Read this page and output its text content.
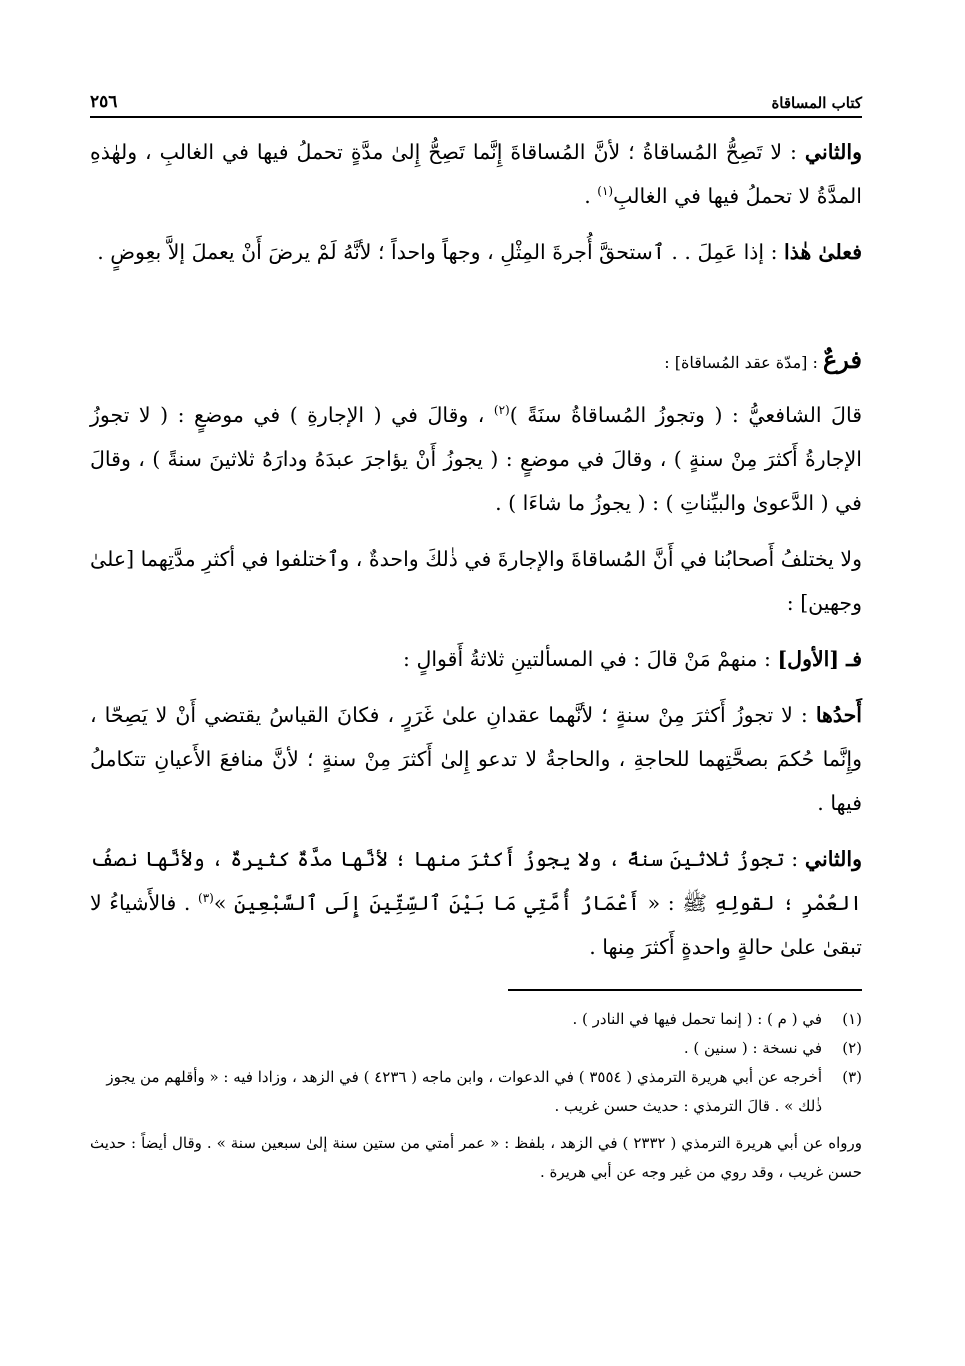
كتاب المساقاة
٢٥٦

والثاني : لا تَصِحُّ المُساقاةُ ؛ لأنَّ المُساقاةَ إِنَّما تَصِحُّ إِلىٰ مدَّةٍ تحملُ فيها في الغالبِ ، ولهٰذهِ المدَّةُ لا تحملُ فيها في الغالبِ$^{(١)}$ .

فعلىٰ هٰذا : إذا عَمِلَ . . ٱستحقَّ أُجرةَ المِثْلِ ، وجهاً واحداً ؛ لأنَّهُ لَمْ يرضَ أَنْ يعملَ إلاَّ بعِوضٍ .

فرعٌ : [مدّة عقد المُساقاة] :

قالَ الشافعيُّ : ( وتجوزُ المُساقاةُ سنَةً )$^{(٢)}$ ، وقالَ في ( الإجارةِ ) في موضعٍ : ( لا تجوزُ الإجارةُ أَكثرَ مِنْ سنةٍ ) ، وقالَ في موضعٍ : ( يجوزُ أَنْ يؤاجرَ عبدَهُ ودارَهُ ثلاثينَ سنةً ) ، وقالَ في ( الدَّعوىٰ والبيِّناتِ ) : ( يجوزُ ما شاءَا ) .

ولا يختلفُ أَصحابُنا في أَنَّ المُساقاةَ والإجارةَ في ذٰلكَ واحدةٌ ، وٱختلفوا في أكثرِ مدَّتِهما [علىٰ وجهين] :

فـ [الأول] : منهمْ مَنْ قالَ : في المسألتينِ ثلاثةُ أَقوالٍ :

أَحدُها : لا تجوزُ أَكثرَ مِنْ سنةٍ ؛ لأنَّهما عقدانِ علىٰ غَرَرٍ ، فكانَ القياسُ يقتضي أَنْ لا يَصِحّا ، وإِنَّما حُكمَ بصحَّتِهما للحاجةِ ، والحاجةُ لا تدعو إِلىٰ أَكثرَ مِنْ سنةٍ ؛ لأنَّ منافعَ الأَعيانِ تتكاملُ فيها .

والثاني : تجوزُ ثلاثينَ سنةً ، ولا يجوزُ أَكثرَ منها ؛ لأنَّها مدَّةٌ كثيرةٌ ، ولأنَّها نصفُ العُمْرِ ؛ لقولِهِ ﷺ : « أَعْمَارُ أُمَّتِي مَا بَيْنَ ٱلسِّتِّينَ إِلَى ٱلسَّبْعِينَ »$^{(٣)}$ . فالأَشياءُ لا تبقىٰ علىٰ حالةٍ واحدةٍ أَكثرَ مِنها .

(١)
في ( م ) : ( إنما تحمل فيها في النادر ) .
(٢)
في نسخة : ( سنين ) .
(٣)
أخرجه عن أبي هريرة الترمذي ( ٣٥٥٤ ) في الدعوات ، وابن ماجه ( ٤٢٣٦ ) في الزهد ، وزادا فيه : « وأقلهم من يجوز ذٰلك » . قالَ الترمذي : حديث حسن غريب .

ورواه عن أبي هريرة الترمذي ( ٢٣٣٢ ) في الزهد ، بلفظ : « عمر أمتي من ستين سنة إلىٰ سبعين سنة » . وقال أيضاً : حديث حسن غريب ، وقد روي من غير وجه عن أبي هريرة .
